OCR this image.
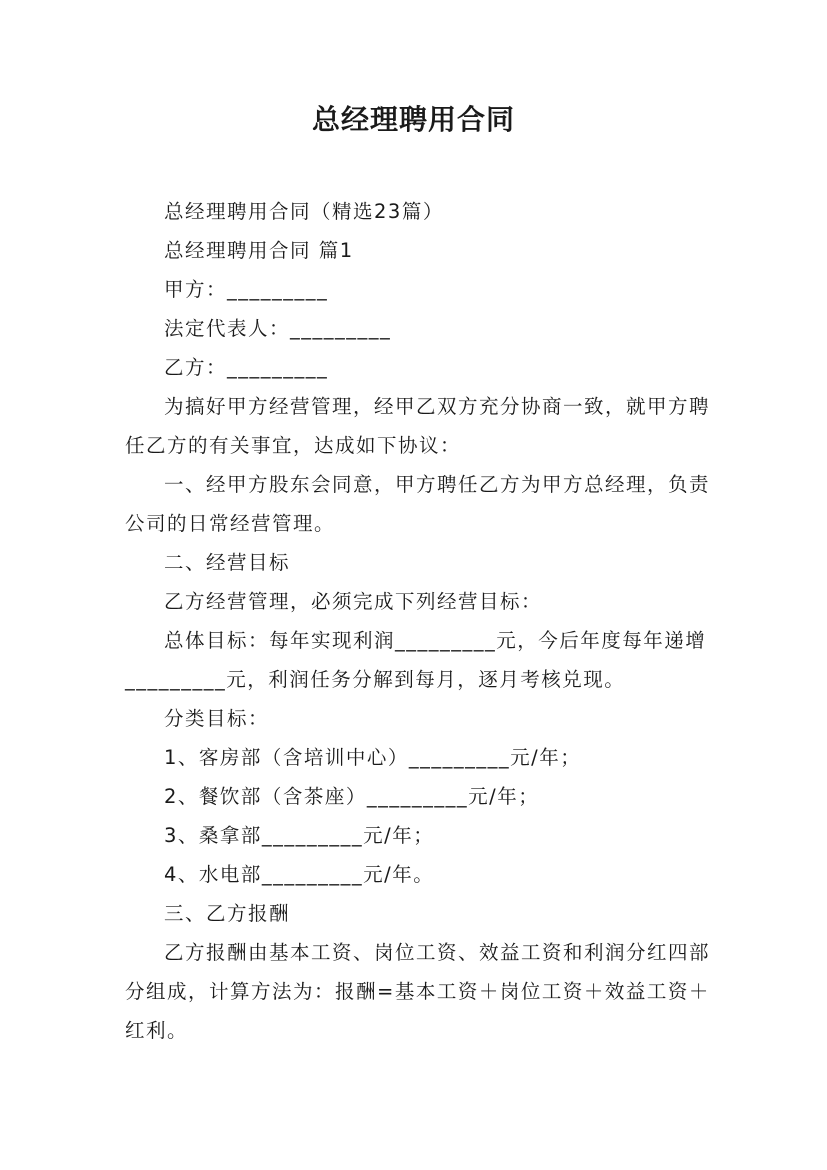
总经理聘用合同

总经理聘用合同（精选23篇）

总经理聘用合同 篇1

甲方：_________

法定代表人：_________

乙方：_________

为搞好甲方经营管理，经甲乙双方充分协商一致，就甲方聘任乙方的有关事宜，达成如下协议：

一、经甲方股东会同意，甲方聘任乙方为甲方总经理，负责公司的日常经营管理。

二、经营目标

乙方经营管理，必须完成下列经营目标：

总体目标：每年实现利润_________元，今后年度每年递增_________元，利润任务分解到每月，逐月考核兑现。

分类目标：

1、客房部（含培训中心）_________元/年；

2、餐饮部（含茶座）_________元/年；

3、桑拿部_________元/年；

4、水电部_________元/年。

三、乙方报酬

乙方报酬由基本工资、岗位工资、效益工资和利润分红四部分组成，计算方法为：报酬=基本工资＋岗位工资＋效益工资＋红利。
